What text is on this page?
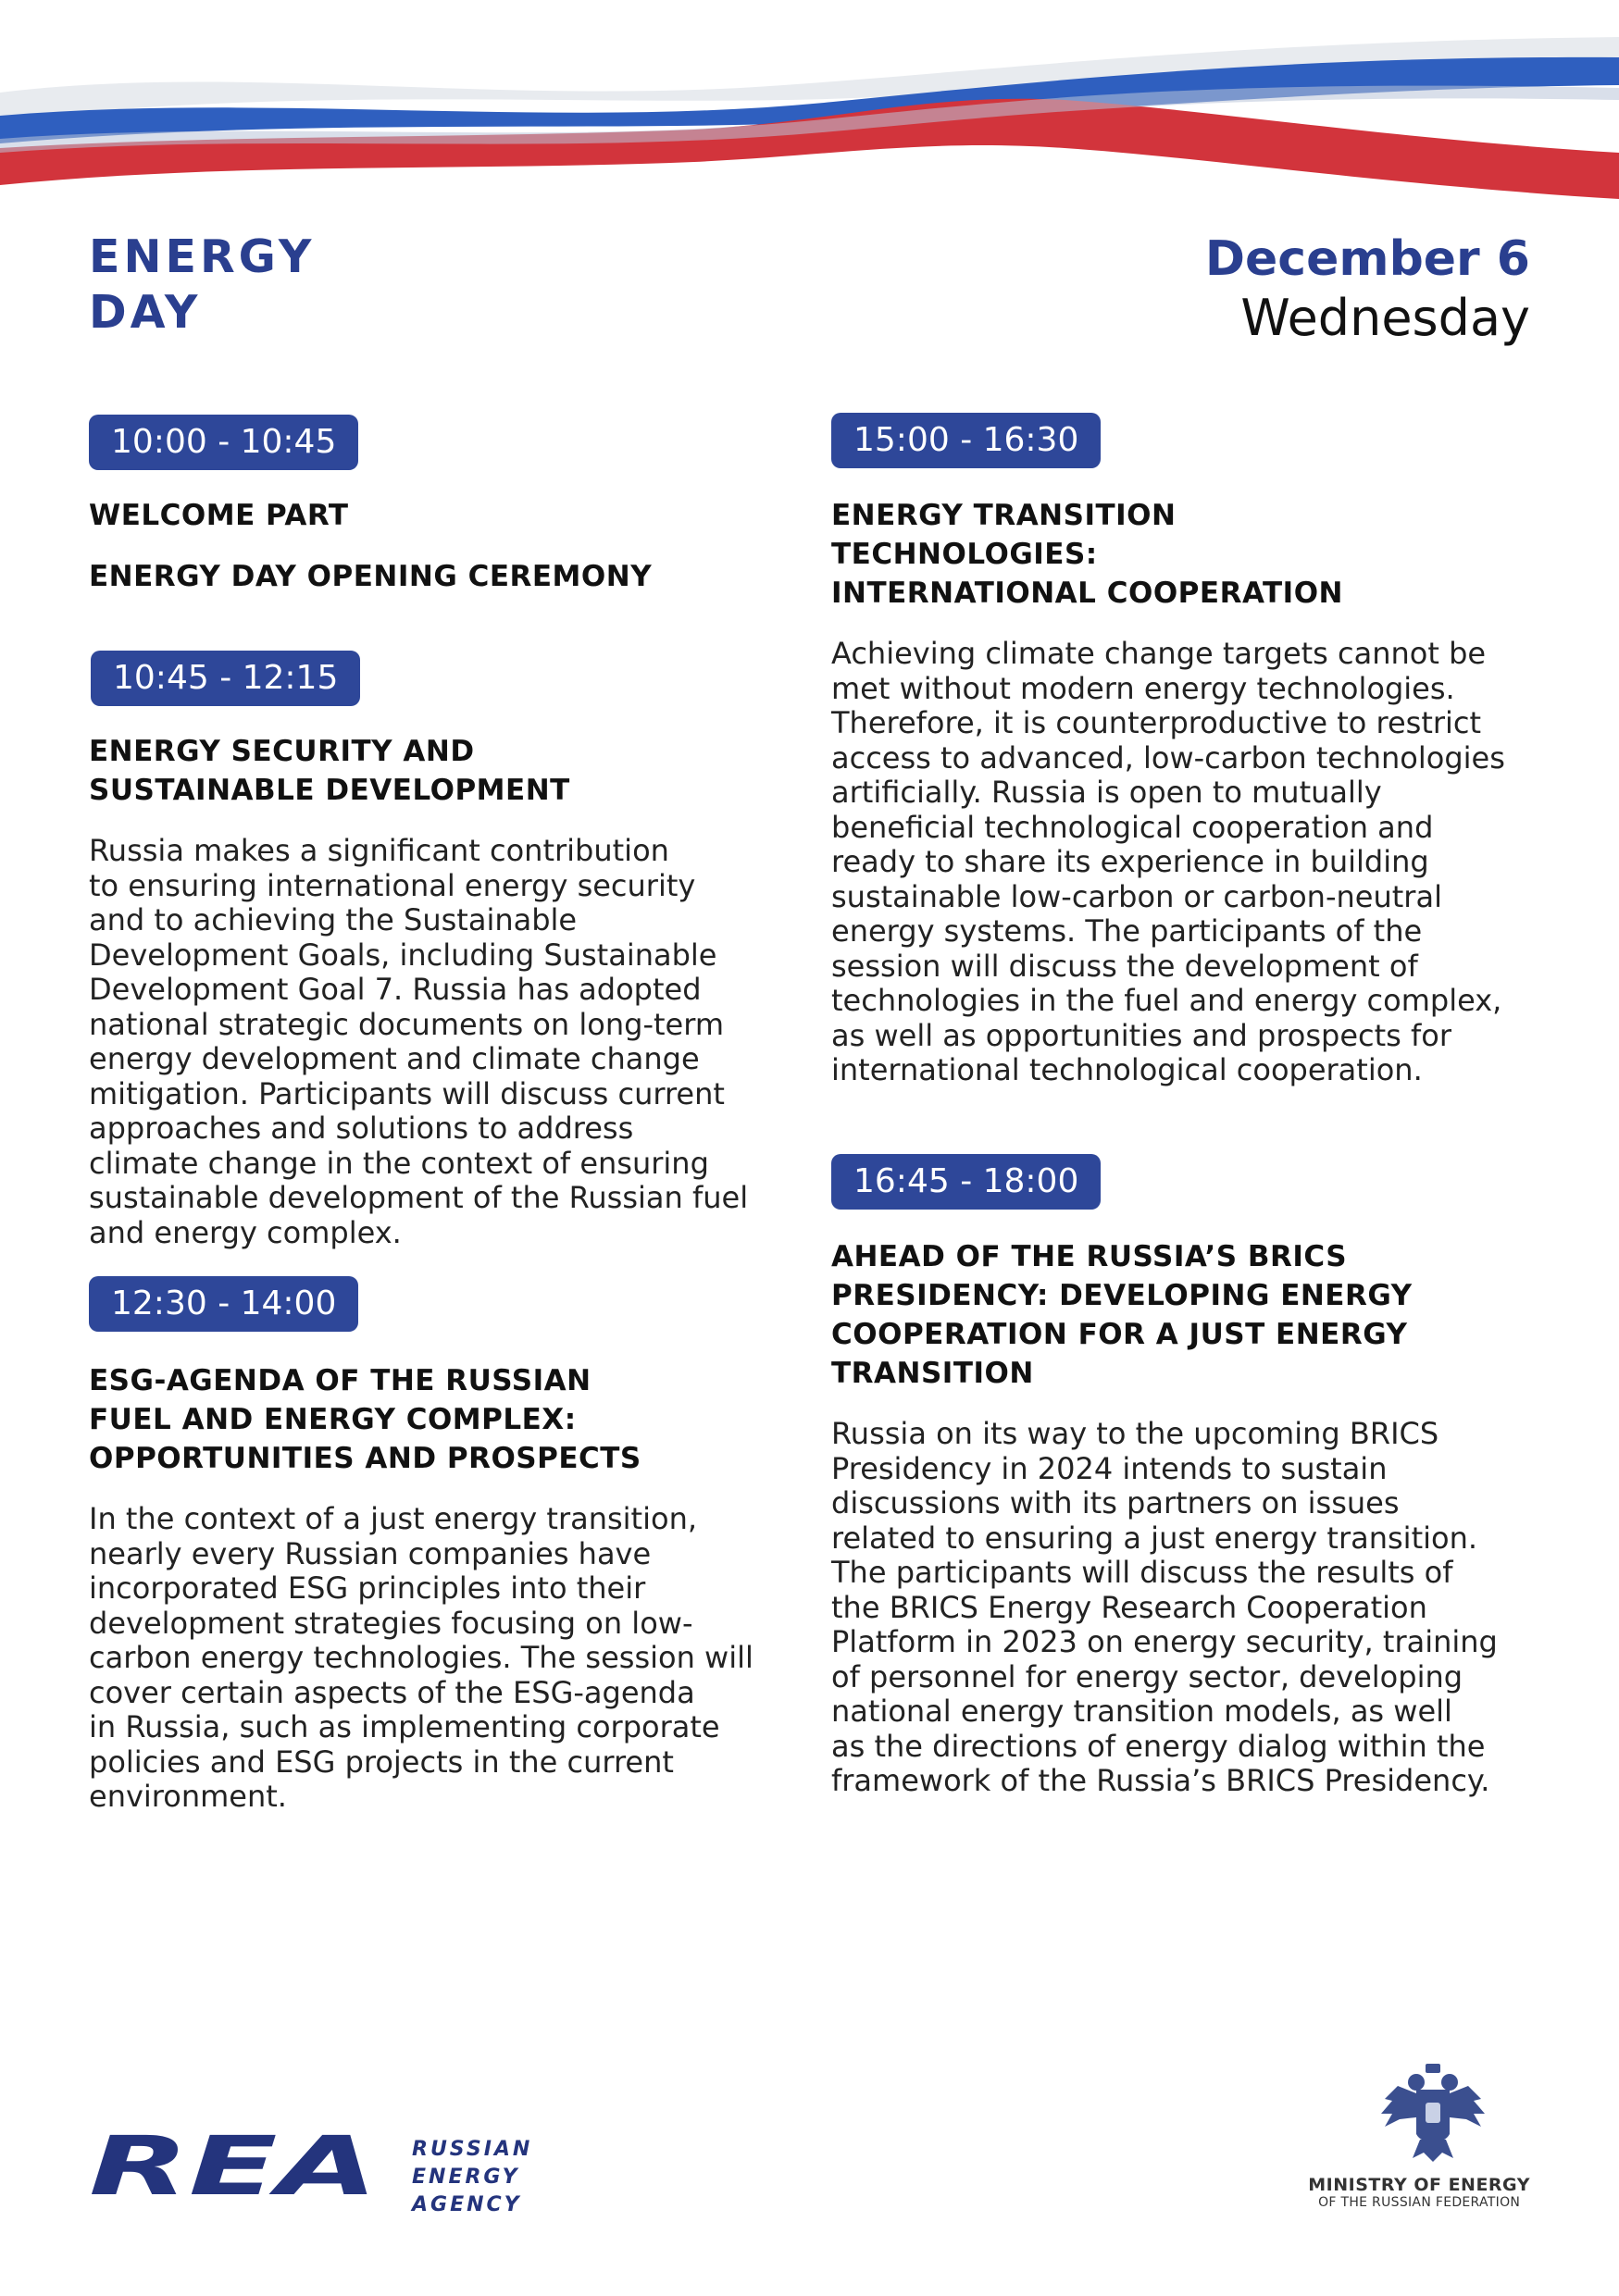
ENERGY
DAY
December 6
Wednesday
10:00 - 10:45
WELCOME PART
ENERGY DAY OPENING CEREMONY
10:45 - 12:15
ENERGY SECURITY AND
SUSTAINABLE DEVELOPMENT
Russia makes a significant contribution
to ensuring international energy security
and to achieving the Sustainable
Development Goals, including Sustainable
Development Goal 7. Russia has adopted
national strategic documents on long-term
energy development and climate change
mitigation. Participants will discuss current
approaches and solutions to address
climate change in the context of ensuring
sustainable development of the Russian fuel
and energy complex.
12:30 - 14:00
ESG-AGENDA OF THE RUSSIAN
FUEL AND ENERGY COMPLEX:
OPPORTUNITIES AND PROSPECTS
In the context of a just energy transition,
nearly every Russian companies have
incorporated ESG principles into their
development strategies focusing on low-
carbon energy technologies. The session will
cover certain aspects of the ESG-agenda
in Russia, such as implementing corporate
policies and ESG projects in the current
environment.
15:00 - 16:30
ENERGY TRANSITION
TECHNOLOGIES:
INTERNATIONAL COOPERATION
Achieving climate change targets cannot be
met without modern energy technologies.
Therefore, it is counterproductive to restrict
access to advanced, low-carbon technologies
artificially. Russia is open to mutually
beneficial technological cooperation and
ready to share its experience in building
sustainable low-carbon or carbon-neutral
energy systems. The participants of the
session will discuss the development of
technologies in the fuel and energy complex,
as well as opportunities and prospects for
international technological cooperation.
16:45 - 18:00
AHEAD OF THE RUSSIA’S BRICS
PRESIDENCY: DEVELOPING ENERGY
COOPERATION FOR A JUST ENERGY
TRANSITION
Russia on its way to the upcoming BRICS
Presidency in 2024 intends to sustain
discussions with its partners on issues
related to ensuring a just energy transition.
The participants will discuss the results of
the BRICS Energy Research Cooperation
Platform in 2023 on energy security, training
of personnel for energy sector, developing
national energy transition models, as well
as the directions of energy dialog within the
framework of the Russia’s BRICS Presidency.
REA RUSSIAN
ENERGY
AGENCY
MINISTRY OF ENERGY
OF THE RUSSIAN FEDERATION
